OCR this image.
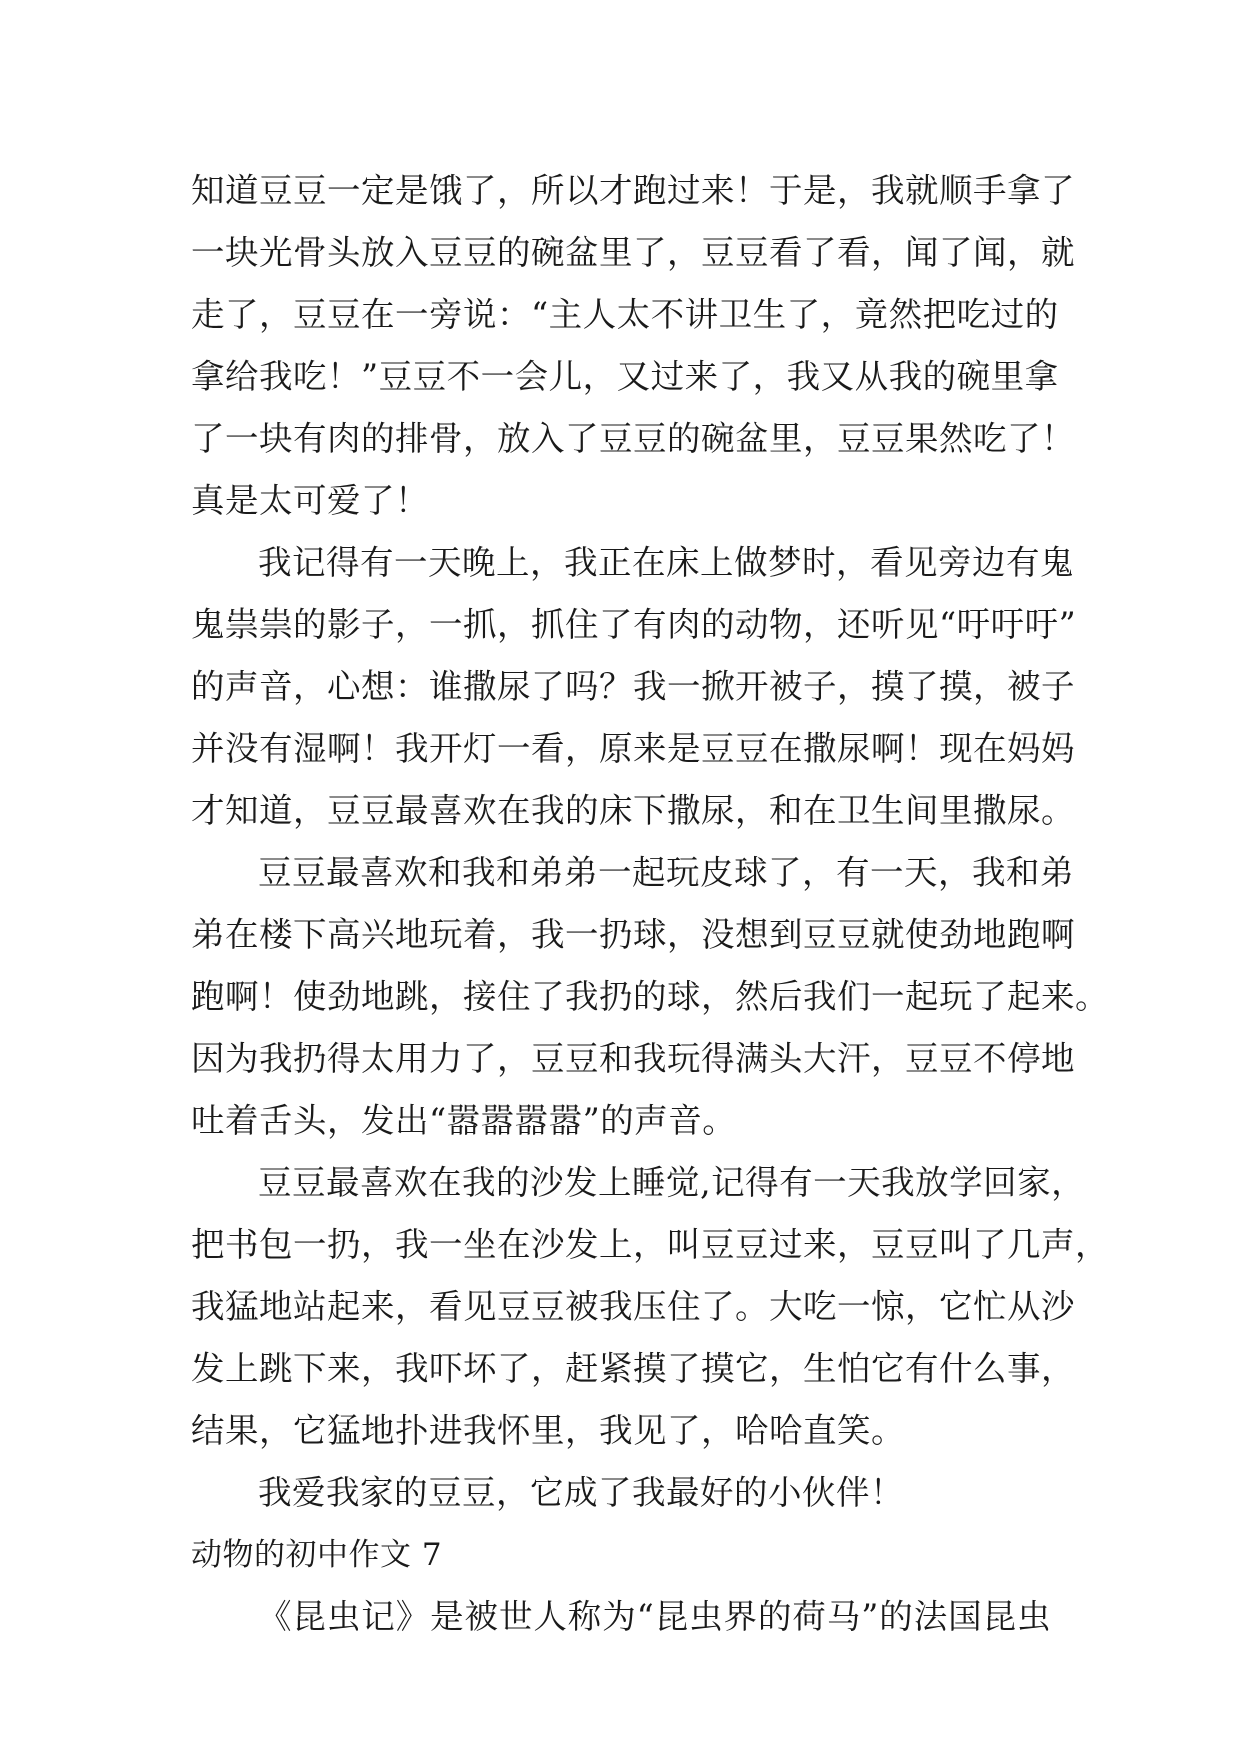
知道豆豆一定是饿了，所以才跑过来！于是，我就顺手拿了
一块光骨头放入豆豆的碗盆里了，豆豆看了看，闻了闻，就
走了，豆豆在一旁说：“主人太不讲卫生了，竟然把吃过的
拿给我吃！”豆豆不一会儿，又过来了，我又从我的碗里拿
了一块有肉的排骨，放入了豆豆的碗盆里，豆豆果然吃了！
真是太可爱了！
我记得有一天晚上，我正在床上做梦时，看见旁边有鬼
鬼祟祟的影子，一抓，抓住了有肉的动物，还听见“吁吁吁”
的声音，心想：谁撒尿了吗？我一掀开被子，摸了摸，被子
并没有湿啊！我开灯一看，原来是豆豆在撒尿啊！现在妈妈
才知道，豆豆最喜欢在我的床下撒尿，和在卫生间里撒尿。
豆豆最喜欢和我和弟弟一起玩皮球了，有一天，我和弟
弟在楼下高兴地玩着，我一扔球，没想到豆豆就使劲地跑啊
跑啊！使劲地跳，接住了我扔的球，然后我们一起玩了起来。
因为我扔得太用力了，豆豆和我玩得满头大汗，豆豆不停地
吐着舌头，发出“嚣嚣嚣嚣”的声音。
豆豆最喜欢在我的沙发上睡觉,记得有一天我放学回家，
把书包一扔，我一坐在沙发上，叫豆豆过来，豆豆叫了几声，
我猛地站起来，看见豆豆被我压住了。大吃一惊，它忙从沙
发上跳下来，我吓坏了，赶紧摸了摸它，生怕它有什么事，
结果，它猛地扑进我怀里，我见了，哈哈直笑。
我爱我家的豆豆，它成了我最好的小伙伴！
动物的初中作文 7
《昆虫记》是被世人称为“昆虫界的荷马”的法国昆虫
